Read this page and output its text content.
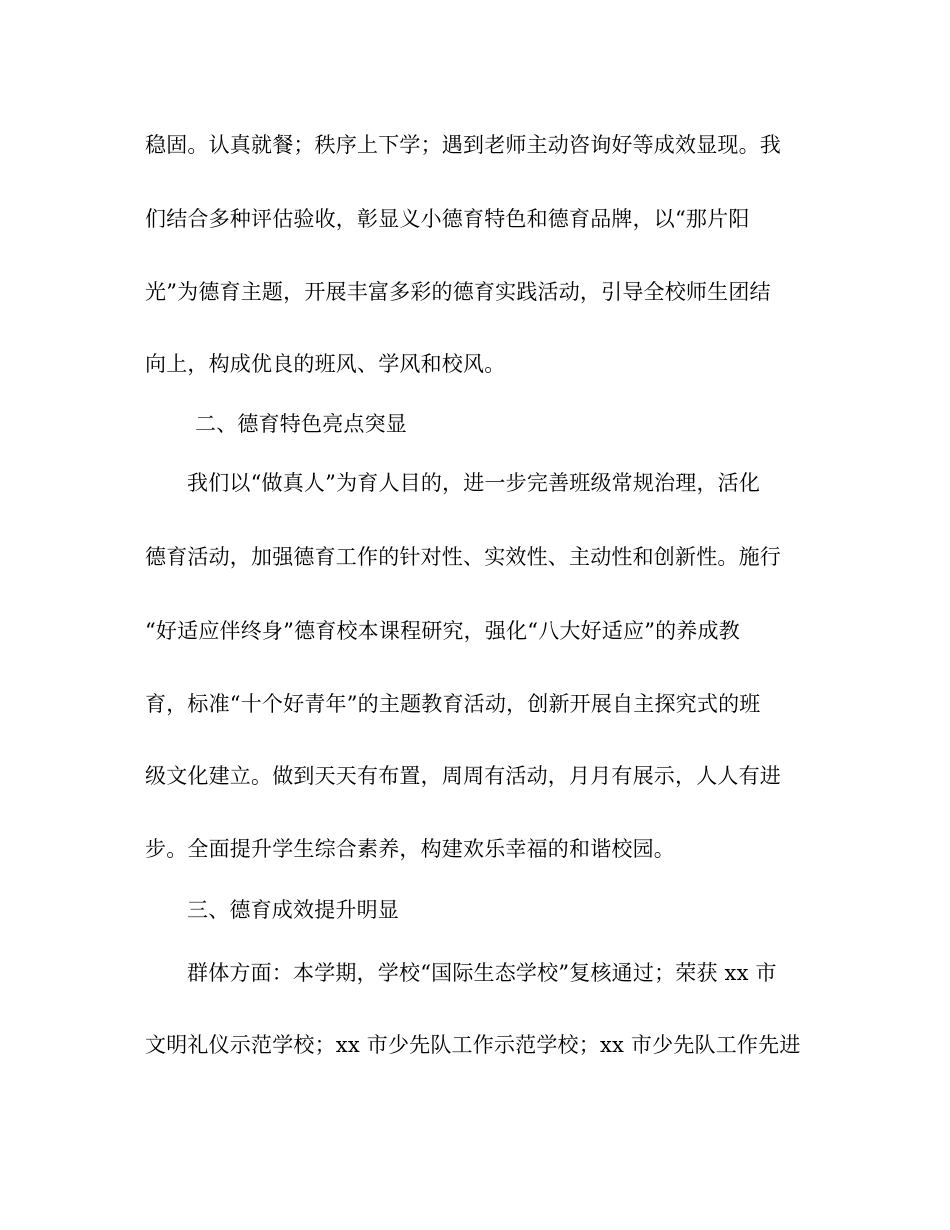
稳固。认真就餐；秩序上下学；遇到老师主动咨询好等成效显现。我
们结合多种评估验收，彰显义小德育特色和德育品牌，以“那片阳
光”为德育主题，开展丰富多彩的德育实践活动，引导全校师生团结
向上，构成优良的班风、学风和校风。
二、德育特色亮点突显
我们以“做真人”为育人目的，进一步完善班级常规治理，活化
德育活动，加强德育工作的针对性、实效性、主动性和创新性。施行
“好适应伴终身”德育校本课程研究，强化“八大好适应”的养成教
育，标准“十个好青年”的主题教育活动，创新开展自主探究式的班
级文化建立。做到天天有布置，周周有活动，月月有展示，人人有进
步。全面提升学生综合素养，构建欢乐幸福的和谐校园。
三、德育成效提升明显
群体方面：本学期，学校“国际生态学校”复核通过；荣获 xx 市
文明礼仪示范学校；xx 市少先队工作示范学校；xx 市少先队工作先进
